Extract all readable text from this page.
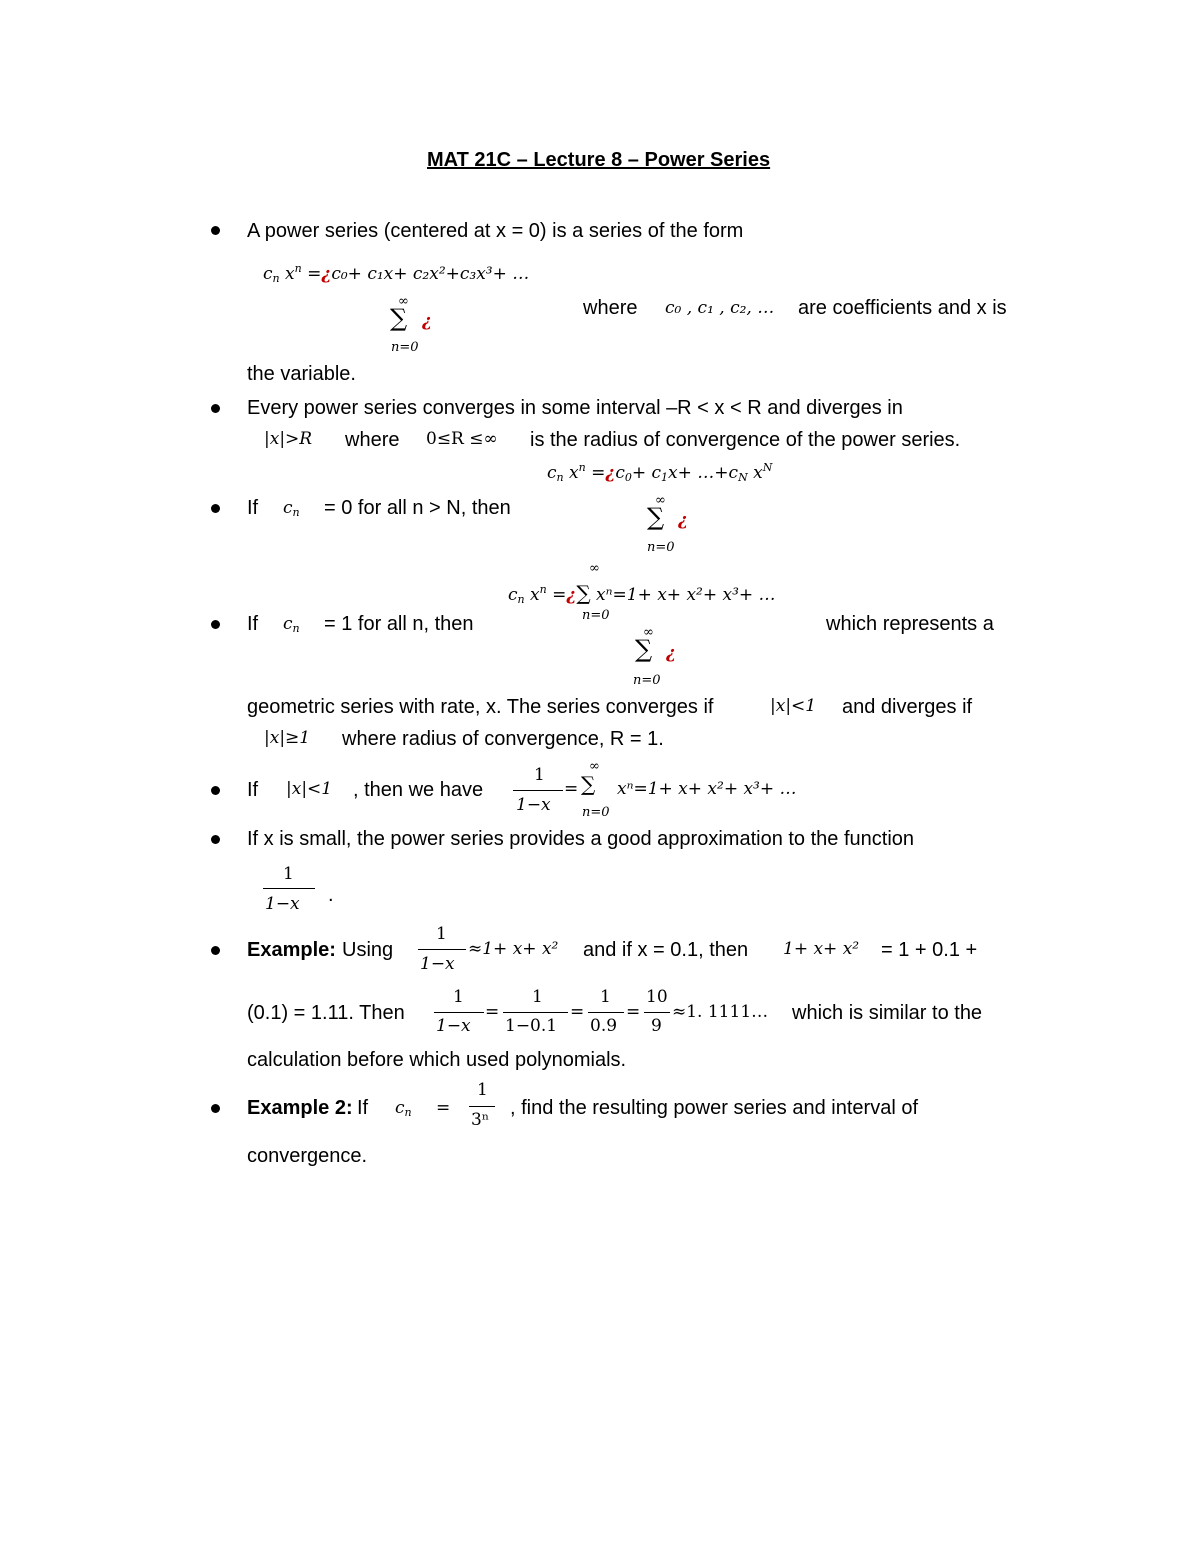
MAT 21C – Lecture 8 – Power Series
A power series (centered at x = 0) is a series of the form
$c_n$ $x^n$ =¿c₀+ c₁x+ c₂x²+c₃x³+ …
∞
∑ ¿
n=0
where c₀ , c₁ , c₂, … are coefficients and x is
the variable.
Every power series converges in some interval –R < x < R and diverges in
|x|>R where 0≤R ≤∞ is the radius of convergence of the power series.
$c_n$ $x^n$ $=¿c_0+ c_1x+$ $\dots+c_N$ $x^N$
∞
∑ ¿
n=0
If $c_n = 0$ for all n > N, then
∞
$c_n$ $x^n$ =¿∑ xⁿ=1+ x+ x²+ x³+ …
n=0
If $c_n = 1$ for all n, then	which represents a
∞
∑ ¿
n=0
geometric series with rate, x. The series converges if	|x|<1 and diverges if
|x|≥1 where radius of convergence, R = 1.
If |x|<1 , then we have
1
1−x
=
∞
∑ xⁿ=1+ x+ x²+ x³+ …
n=0
If x is small, the power series provides a good approximation to the function
1
1−x .
Example: Using
1
1−x
≈1+ x+ x² and if x = 0.1, then 1+ x+ x² = 1 + 0.1 +
(0.1) = 1.11. Then
1
1−x
=
1
1−0.1
=
1
0.9
=
10
9
≈1. 1111… which is similar to the
calculation before which used polynomials.
Example 2: If $c_n$ =
1
3ⁿ
, find the resulting power series and interval of
convergence.
